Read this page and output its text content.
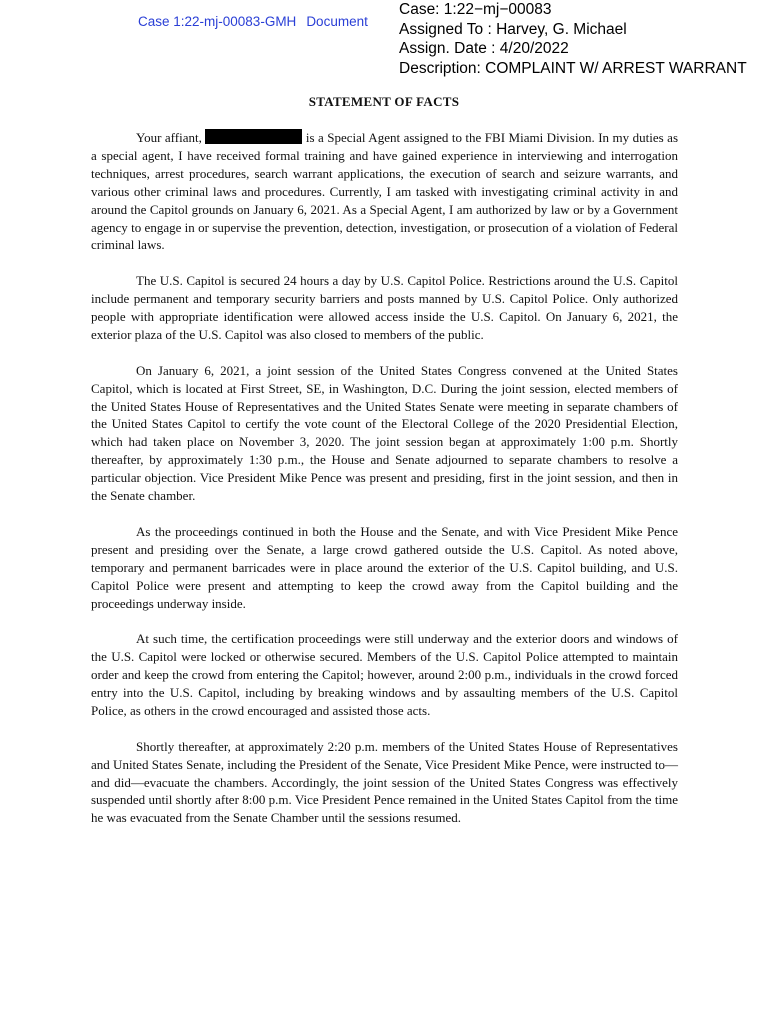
Case 1:22-mj-00083-GMH Document
Case: 1:22−mj−00083
Assigned To : Harvey, G. Michael
Assign. Date : 4/20/2022
Description: COMPLAINT W/ ARREST WARRANT
STATEMENT OF FACTS

Your affiant,	is a Special Agent assigned to the FBI Miami Division. In my duties as a special agent, I have received formal training and have gained experience in interviewing and interrogation techniques, arrest procedures, search warrant applications, the execution of search and seizure warrants, and various other criminal laws and procedures. Currently, I am tasked with investigating criminal activity in and around the Capitol grounds on January 6, 2021. As a Special Agent, I am authorized by law or by a Government agency to engage in or supervise the prevention, detection, investigation, or prosecution of a violation of Federal criminal laws.

The U.S. Capitol is secured 24 hours a day by U.S. Capitol Police. Restrictions around the U.S. Capitol include permanent and temporary security barriers and posts manned by U.S. Capitol Police. Only authorized people with appropriate identification were allowed access inside the U.S. Capitol. On January 6, 2021, the exterior plaza of the U.S. Capitol was also closed to members of the public.

On January 6, 2021, a joint session of the United States Congress convened at the United States Capitol, which is located at First Street, SE, in Washington, D.C. During the joint session, elected members of the United States House of Representatives and the United States Senate were meeting in separate chambers of the United States Capitol to certify the vote count of the Electoral College of the 2020 Presidential Election, which had taken place on November 3, 2020. The joint session began at approximately 1:00 p.m. Shortly thereafter, by approximately 1:30 p.m., the House and Senate adjourned to separate chambers to resolve a particular objection. Vice President Mike Pence was present and presiding, first in the joint session, and then in the Senate chamber.

As the proceedings continued in both the House and the Senate, and with Vice President Mike Pence present and presiding over the Senate, a large crowd gathered outside the U.S. Capitol. As noted above, temporary and permanent barricades were in place around the exterior of the U.S. Capitol building, and U.S. Capitol Police were present and attempting to keep the crowd away from the Capitol building and the proceedings underway inside.

At such time, the certification proceedings were still underway and the exterior doors and windows of the U.S. Capitol were locked or otherwise secured. Members of the U.S. Capitol Police attempted to maintain order and keep the crowd from entering the Capitol; however, around 2:00 p.m., individuals in the crowd forced entry into the U.S. Capitol, including by breaking windows and by assaulting members of the U.S. Capitol Police, as others in the crowd encouraged and assisted those acts.

Shortly thereafter, at approximately 2:20 p.m. members of the United States House of Representatives and United States Senate, including the President of the Senate, Vice President Mike Pence, were instructed to—and did—evacuate the chambers. Accordingly, the joint session of the United States Congress was effectively suspended until shortly after 8:00 p.m. Vice President Pence remained in the United States Capitol from the time he was evacuated from the Senate Chamber until the sessions resumed.
